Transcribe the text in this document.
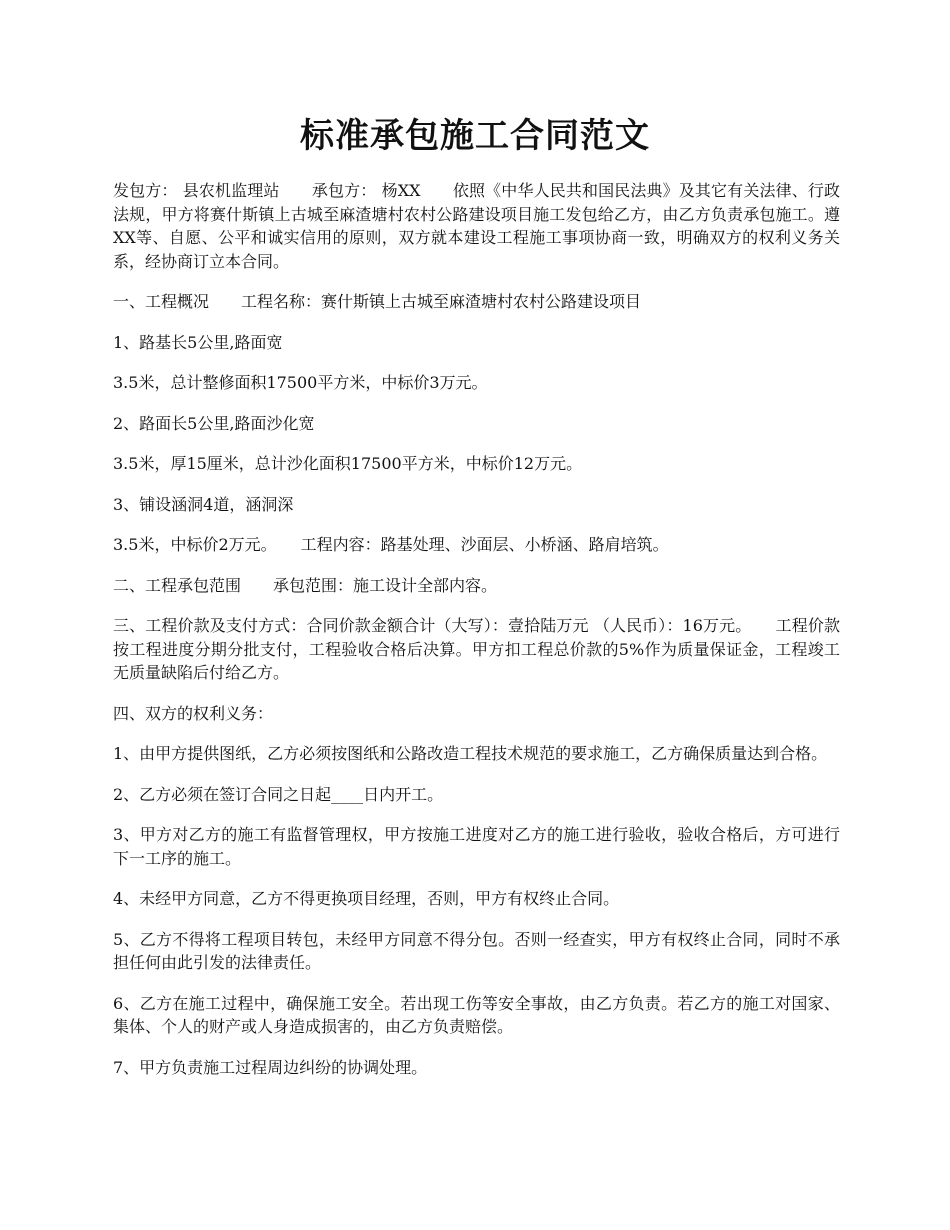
标准承包施工合同范文

发包方： 县农机监理站　　承包方： 杨XX　　依照《中华人民共和国民法典》及其它有关法律、行政法规，甲方将赛什斯镇上古城至麻渣塘村农村公路建设项目施工发包给乙方，由乙方负责承包施工。遵XX等、自愿、公平和诚实信用的原则，双方就本建设工程施工事项协商一致，明确双方的权利义务关系，经协商订立本合同。

一、工程概况　　工程名称：赛什斯镇上古城至麻渣塘村农村公路建设项目

1、路基长5公里,路面宽

3.5米，总计整修面积17500平方米，中标价3万元。

2、路面长5公里,路面沙化宽

3.5米，厚15厘米，总计沙化面积17500平方米，中标价12万元。

3、铺设涵洞4道，涵洞深

3.5米，中标价2万元。　　工程内容：路基处理、沙面层、小桥涵、路肩培筑。

二、工程承包范围　　承包范围：施工设计全部内容。

三、工程价款及支付方式：合同价款金额合计（大写）：壹拾陆万元 （人民币）：16万元。　　工程价款按工程进度分期分批支付，工程验收合格后决算。甲方扣工程总价款的5%作为质量保证金，工程竣工无质量缺陷后付给乙方。

四、双方的权利义务：

1、由甲方提供图纸，乙方必须按图纸和公路改造工程技术规范的要求施工，乙方确保质量达到合格。

2、乙方必须在签订合同之日起____日内开工。

3、甲方对乙方的施工有监督管理权，甲方按施工进度对乙方的施工进行验收，验收合格后，方可进行下一工序的施工。

4、未经甲方同意，乙方不得更换项目经理，否则，甲方有权终止合同。

5、乙方不得将工程项目转包，未经甲方同意不得分包。否则一经查实，甲方有权终止合同，同时不承担任何由此引发的法律责任。

6、乙方在施工过程中，确保施工安全。若出现工伤等安全事故，由乙方负责。若乙方的施工对国家、集体、个人的财产或人身造成损害的，由乙方负责赔偿。

7、甲方负责施工过程周边纠纷的协调处理。
